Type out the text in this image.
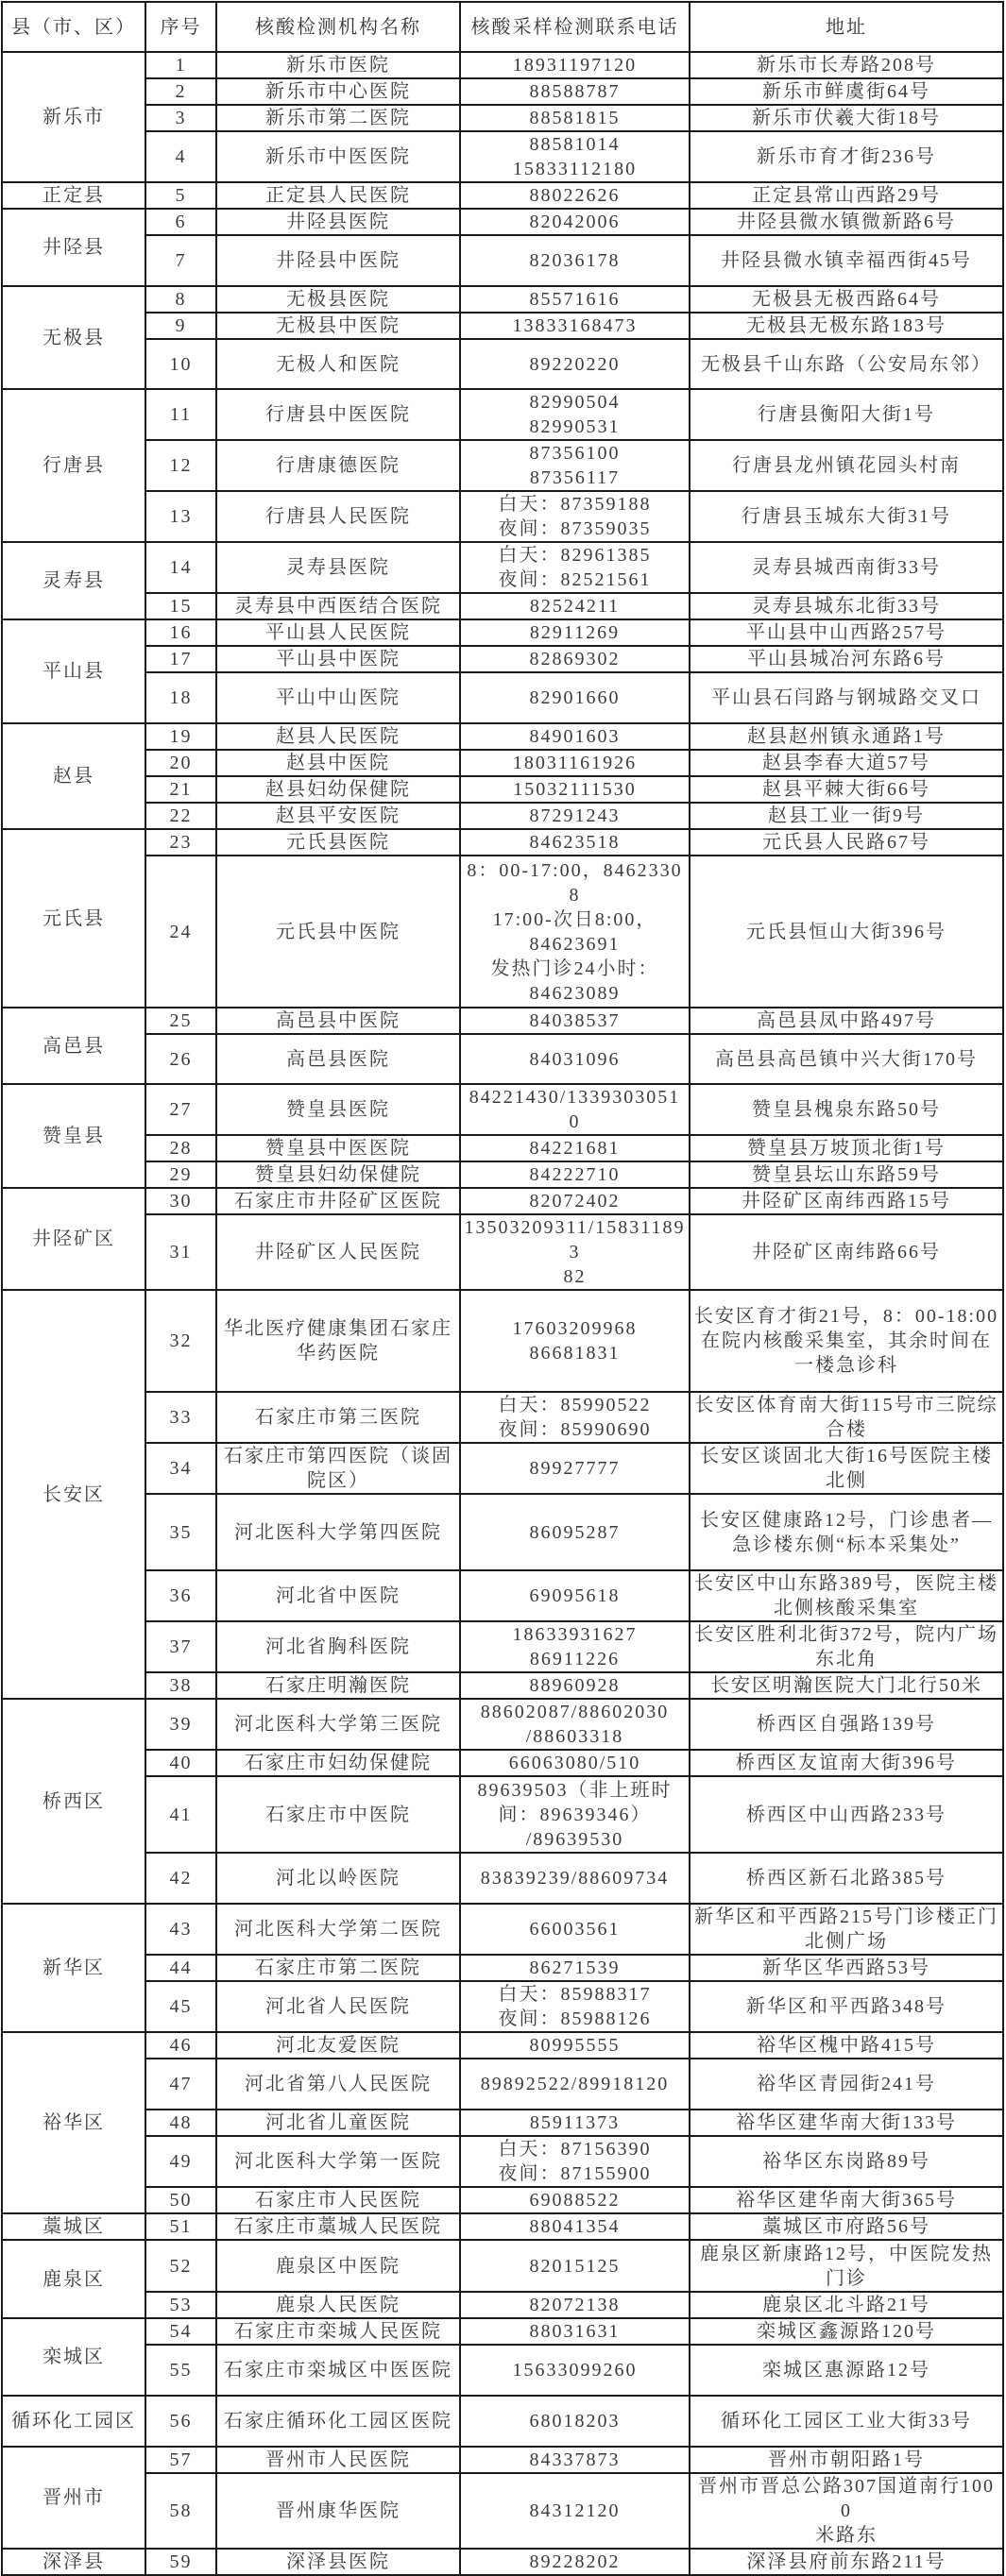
县（市、区）	序号	核酸检测机构名称	核酸采样检测联系电话	地址
新乐市	1	新乐市医院	18931197120	新乐市长寿路208号

	2	新乐市中心医院	88588787	新乐市鲜虞街64号

	3	新乐市第二医院	88581815	新乐市伏羲大街18号

	4	新乐市中医医院	88581014
15833112180	新乐市育才街236号

正定县	5	正定县人民医院	88022626	正定县常山西路29号

井陉县	6	井陉县医院	82042006	井陉县微水镇微新路6号

	7	井陉县中医院	82036178	井陉县微水镇幸福西街45号

无极县	8	无极县医院	85571616	无极县无极西路64号

	9	无极县中医院	13833168473	无极县无极东路183号

	10	无极人和医院	89220220	无极县千山东路（公安局东邻）

行唐县	11	行唐县中医医院	82990504
82990531	行唐县衡阳大街1号

	12	行唐康德医院	87356100
87356117	行唐县龙州镇花园头村南

	13	行唐县人民医院	白天：87359188
夜间：87359035	行唐县玉城东大街31号

灵寿县	14	灵寿县医院	白天：82961385
夜间：82521561	灵寿县城西南街33号

	15	灵寿县中西医结合医院	82524211	灵寿县城东北街33号

平山县	16	平山县人民医院	82911269	平山县中山西路257号

	17	平山县中医院	82869302	平山县城冶河东路6号

	18	平山中山医院	82901660	平山县石闫路与钢城路交叉口

赵县	19	赵县人民医院	84901603	赵县赵州镇永通路1号

	20	赵县中医院	18031161926	赵县李春大道57号

	21	赵县妇幼保健院	15032111530	赵县平棘大街66号

	22	赵县平安医院	87291243	赵县工业一街9号

元氏县	23	元氏县医院	84623518	元氏县人民路67号

	24	元氏县中医院	8：00-17:00，84623308
17:00-次日8:00，
84623691
发热门诊24小时：
84623089	元氏县恒山大街396号

高邑县	25	高邑县中医院	84038537	高邑县凤中路497号

	26	高邑县医院	84031096	高邑县高邑镇中兴大街170号

赞皇县	27	赞皇县医院	84221430/13393030510	赞皇县槐泉东路50号

	28	赞皇县中医医院	84221681	赞皇县万坡顶北街1号

	29	赞皇县妇幼保健院	84222710	赞皇县坛山东路59号

井陉矿区	30	石家庄市井陉矿区医院	82072402	井陉矿区南纬西路15号

	31	井陉矿区人民医院	13503209311/158311893
82	井陉矿区南纬路66号

长安区	32	华北医疗健康集团石家庄
华药医院	17603209968
86681831	长安区育才街21号，8：00-18:00
在院内核酸采集室，其余时间在
一楼急诊科

	33	石家庄市第三医院	白天：85990522
夜间：85990690	长安区体育南大街115号市三院综
合楼

	34	石家庄市第四医院（谈固
院区）	89927777	长安区谈固北大街16号医院主楼
北侧

	35	河北医科大学第四医院	86095287	长安区健康路12号，门诊患者—
急诊楼东侧“标本采集处”

	36	河北省中医院	69095618	长安区中山东路389号，医院主楼
北侧核酸采集室

	37	河北省胸科医院	18633931627
86911226	长安区胜利北街372号，院内广场
东北角

	38	石家庄明瀚医院	88960928	长安区明瀚医院大门北行50米

桥西区	39	河北医科大学第三医院	88602087/88602030
/88603318	桥西区自强路139号

	40	石家庄市妇幼保健院	66063080/510	桥西区友谊南大街396号

	41	石家庄市中医院	89639503（非上班时
间：89639346）
/89639530	桥西区中山西路233号

	42	河北以岭医院	83839239/88609734	桥西区新石北路385号

新华区	43	河北医科大学第二医院	66003561	新华区和平西路215号门诊楼正门
北侧广场

	44	石家庄市第二医院	86271539	新华区华西路53号

	45	河北省人民医院	白天：85988317
夜间：85988126	新华区和平西路348号

裕华区	46	河北友爱医院	80995555	裕华区槐中路415号

	47	河北省第八人民医院	89892522/89918120	裕华区青园街241号

	48	河北省儿童医院	85911373	裕华区建华南大街133号

	49	河北医科大学第一医院	白天：87156390
夜间：87155900	裕华区东岗路89号

	50	石家庄市人民医院	69088522	裕华区建华南大街365号

藁城区	51	石家庄市藁城人民医院	88041354	藁城区市府路56号

鹿泉区	52	鹿泉区中医院	82015125	鹿泉区新康路12号，中医院发热
门诊

	53	鹿泉人民医院	82072138	鹿泉区北斗路21号

栾城区	54	石家庄市栾城人民医院	88031631	栾城区鑫源路120号

	55	石家庄市栾城区中医医院	15633099260	栾城区惠源路12号

循环化工园区	56	石家庄循环化工园区医院	68018203	循环化工园区工业大街33号

晋州市	57	晋州市人民医院	84337873	晋州市朝阳路1号

	58	晋州康华医院	84312120	晋州市晋总公路307国道南行1000
米路东

深泽县	59	深泽县医院	89228202	深泽县府前东路211号
